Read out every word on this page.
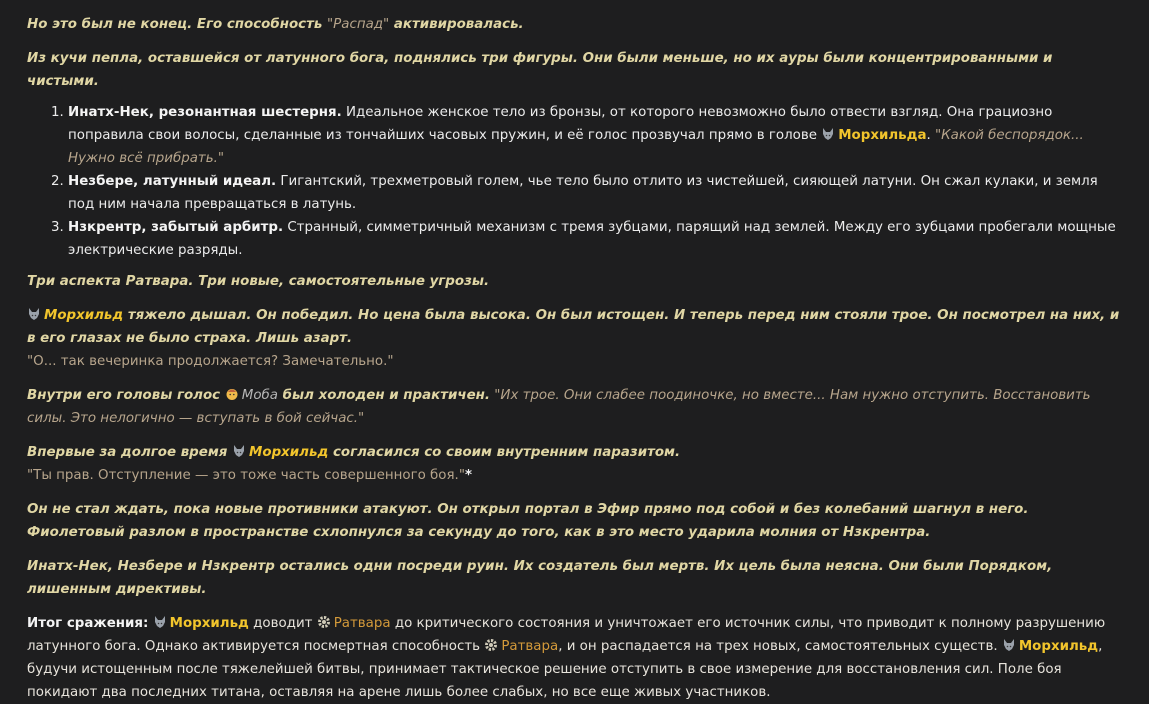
Но это был не конец. Его способность "Распад" активировалась.

Из кучи пепла, оставшейся от латунного бога, поднялись три фигуры. Они были меньше, но их ауры были концентрированными и чистыми.

1. Инатх-Нек, резонантная шестерня. Идеальное женское тело из бронзы, от которого невозможно было отвести взгляд. Она грациозно поправила свои волосы, сделанные из тончайших часовых пружин, и её голос прозвучал прямо в голове Морхильда. "Какой беспорядок... Нужно всё прибрать."
2. Незбере, латунный идеал. Гигантский, трехметровый голем, чье тело было отлито из чистейшей, сияющей латуни. Он сжал кулаки, и земля под ним начала превращаться в латунь.
3. Нзкрентр, забытый арбитр. Странный, симметричный механизм с тремя зубцами, парящий над землей. Между его зубцами пробегали мощные электрические разряды.

Три аспекта Ратвара. Три новые, самостоятельные угрозы.

Морхильд тяжело дышал. Он победил. Но цена была высока. Он был истощен. И теперь перед ним стояли трое. Он посмотрел на них, и в его глазах не было страха. Лишь азарт.

"О... так вечеринка продолжается? Замечательно."

Внутри его головы голос Моба был холоден и практичен. "Их трое. Они слабее поодиночке, но вместе... Нам нужно отступить. Восстановить силы. Это нелогично — вступать в бой сейчас."

Впервые за долгое время Морхильд согласился со своим внутренним паразитом.

"Ты прав. Отступление — это тоже часть совершенного боя."*

Он не стал ждать, пока новые противники атакуют. Он открыл портал в Эфир прямо под собой и без колебаний шагнул в него. Фиолетовый разлом в пространстве схлопнулся за секунду до того, как в это место ударила молния от Нзкрентра.

Инатх-Нек, Незбере и Нзкрентр остались одни посреди руин. Их создатель был мертв. Их цель была неясна. Они были Порядком, лишенным директивы.

Итог сражения: Морхильд доводит Ратвара до критического состояния и уничтожает его источник силы, что приводит к полному разрушению латунного бога. Однако активируется посмертная способность Ратвара, и он распадается на трех новых, самостоятельных существ. Морхильд, будучи истощенным после тяжелейшей битвы, принимает тактическое решение отступить в свое измерение для восстановления сил. Поле боя покидают два последних титана, оставляя на арене лишь более слабых, но все еще живых участников.
